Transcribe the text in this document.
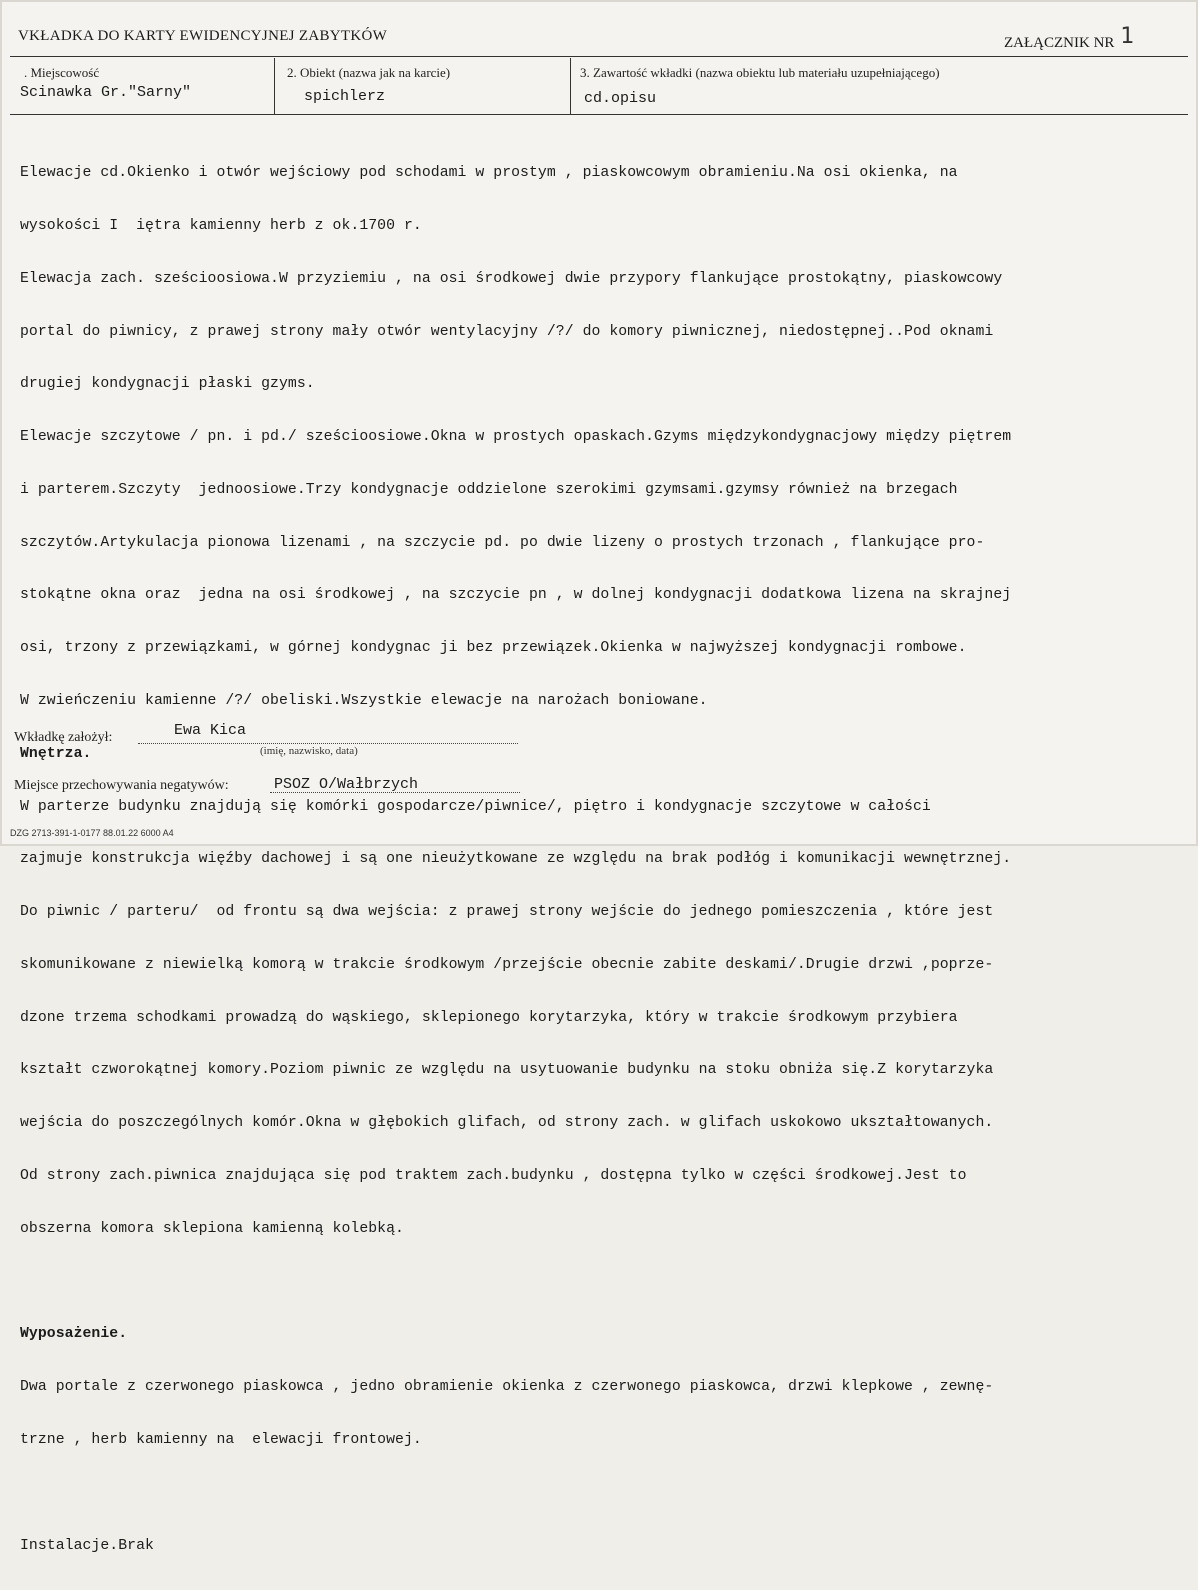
VKŁADKA DO KARTY EWIDENCYJNEJ ZABYTKÓW	ZAŁĄCZNIK NR 1
. Miejscowość
Scinawka Gr."Sarny"
2. Obiekt (nazwa jak na karcie)
spichlerz
3. Zawartość wkładki (nazwa obiektu lub materiału uzupełniającego)
cd.opisu

Elewacje cd.Okienko i otwór wejściowy pod schodami w prostym , piaskowcowym obramieniu.Na osi okienka, na

wysokości I  iętra kamienny herb z ok.1700 r.

Elewacja zach. sześcioosiowa.W przyziemiu , na osi środkowej dwie przypory flankujące prostokątny, piaskowcowy

portal do piwnicy, z prawej strony mały otwór wentylacyjny /?/ do komory piwnicznej, niedostępnej..Pod oknami

drugiej kondygnacji płaski gzyms.

Elewacje szczytowe / pn. i pd./ sześcioosiowe.Okna w prostych opaskach.Gzyms międzykondygnacjowy między piętrem

i parterem.Szczyty  jednoosiowe.Trzy kondygnacje oddzielone szerokimi gzymsami.gzymsy również na brzegach

szczytów.Artykulacja pionowa lizenami , na szczycie pd. po dwie lizeny o prostych trzonach , flankujące pro-

stokątne okna oraz  jedna na osi środkowej , na szczycie pn , w dolnej kondygnacji dodatkowa lizena na skrajnej

osi, trzony z przewiązkami, w górnej kondygnac ji bez przewiązek.Okienka w najwyższej kondygnacji rombowe.

W zwieńczeniu kamienne /?/ obeliski.Wszystkie elewacje na narożach boniowane.

Wnętrza.

W parterze budynku znajdują się komórki gospodarcze/piwnice/, piętro i kondygnacje szczytowe w całości

zajmuje konstrukcja więźby dachowej i są one nieużytkowane ze względu na brak podłóg i komunikacji wewnętrznej.

Do piwnic / parteru/  od frontu są dwa wejścia: z prawej strony wejście do jednego pomieszczenia , które jest

skomunikowane z niewielką komorą w trakcie środkowym /przejście obecnie zabite deskami/.Drugie drzwi ,poprze-

dzone trzema schodkami prowadzą do wąskiego, sklepionego korytarzyka, który w trakcie środkowym przybiera

kształt czworokątnej komory.Poziom piwnic ze względu na usytuowanie budynku na stoku obniża się.Z korytarzyka

wejścia do poszczególnych komór.Okna w głębokich glifach, od strony zach. w glifach uskokowo ukształtowanych.

Od strony zach.piwnica znajdująca się pod traktem zach.budynku , dostępna tylko w części środkowej.Jest to

obszerna komora sklepiona kamienną kolebką.

Wyposażenie.

Dwa portale z czerwonego piaskowca , jedno obramienie okienka z czerwonego piaskowca, drzwi klepkowe , zewnę-

trzne , herb kamienny na  elewacji frontowej.

Instalacje.Brak

Wkładkę założył:	Ewa Kica
(imię, nazwisko, data)
Miejsce przechowywania negatywów:	PSOZ O/Wałbrzych
DZG 2713-391-1-0177 88.01.22 6000 A4
